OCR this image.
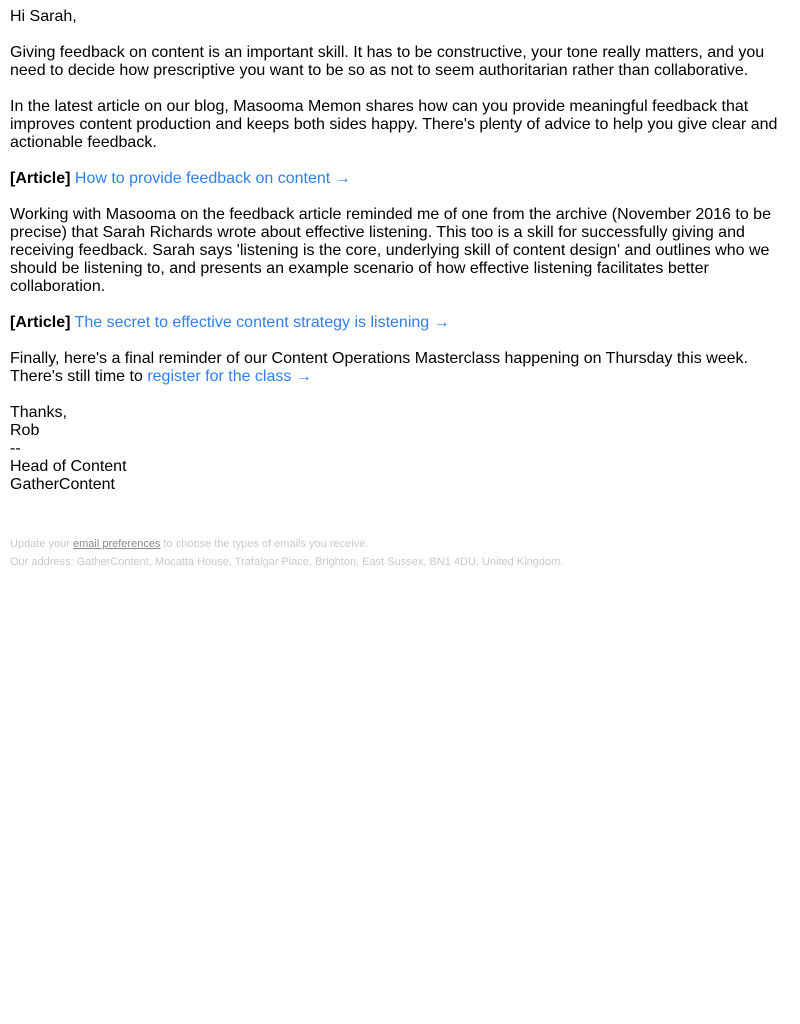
Hi Sarah,

Giving feedback on content is an important skill. It has to be constructive, your tone really matters, and you need to decide how prescriptive you want to be so as not to seem authoritarian rather than collaborative.

In the latest article on our blog, Masooma Memon shares how can you provide meaningful feedback that improves content production and keeps both sides happy. There's plenty of advice to help you give clear and actionable feedback.

[Article] How to provide feedback on content →

Working with Masooma on the feedback article reminded me of one from the archive (November 2016 to be precise) that Sarah Richards wrote about effective listening. This too is a skill for successfully giving and receiving feedback. Sarah says 'listening is the core, underlying skill of content design' and outlines who we should be listening to, and presents an example scenario of how effective listening facilitates better collaboration.

[Article] The secret to effective content strategy is listening →

Finally, here's a final reminder of our Content Operations Masterclass happening on Thursday this week. There's still time to register for the class →

Thanks,

Rob

--

Head of Content

GatherContent

Update your email preferences to choose the types of emails you receive.

Our address: GatherContent, Mocatta House, Trafalgar Place, Brighton, East Sussex, BN1 4DU, United Kingdom.
